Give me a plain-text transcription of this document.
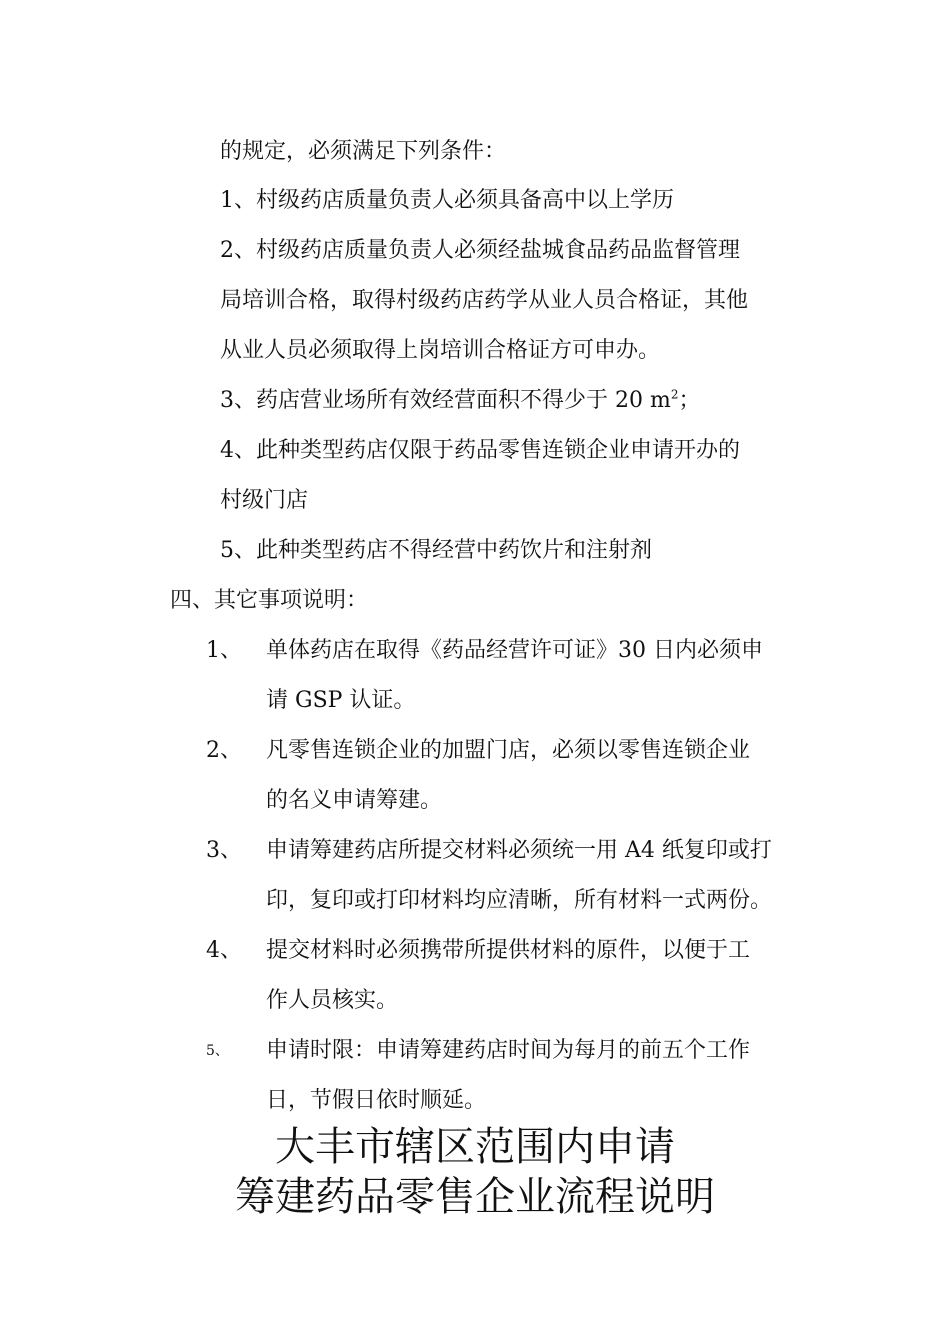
的规定，必须满足下列条件：
1、村级药店质量负责人必须具备高中以上学历
2、村级药店质量负责人必须经盐城食品药品监督管理
局培训合格，取得村级药店药学从业人员合格证，其他
从业人员必须取得上岗培训合格证方可申办。
3、药店营业场所有效经营面积不得少于 20 $m^2$；
4、此种类型药店仅限于药品零售连锁企业申请开办的
村级门店
5、此种类型药店不得经营中药饮片和注射剂
四、其它事项说明：
1、 单体药店在取得《药品经营许可证》30 日内必须申
请 GSP 认证。
2、 凡零售连锁企业的加盟门店，必须以零售连锁企业
的名义申请筹建。
3、 申请筹建药店所提交材料必须统一用 A4 纸复印或打
印，复印或打印材料均应清晰，所有材料一式两份。
4、 提交材料时必须携带所提供材料的原件，以便于工
作人员核实。
5、 申请时限：申请筹建药店时间为每月的前五个工作
日，节假日依时顺延。
大丰市辖区范围内申请
筹建药品零售企业流程说明
